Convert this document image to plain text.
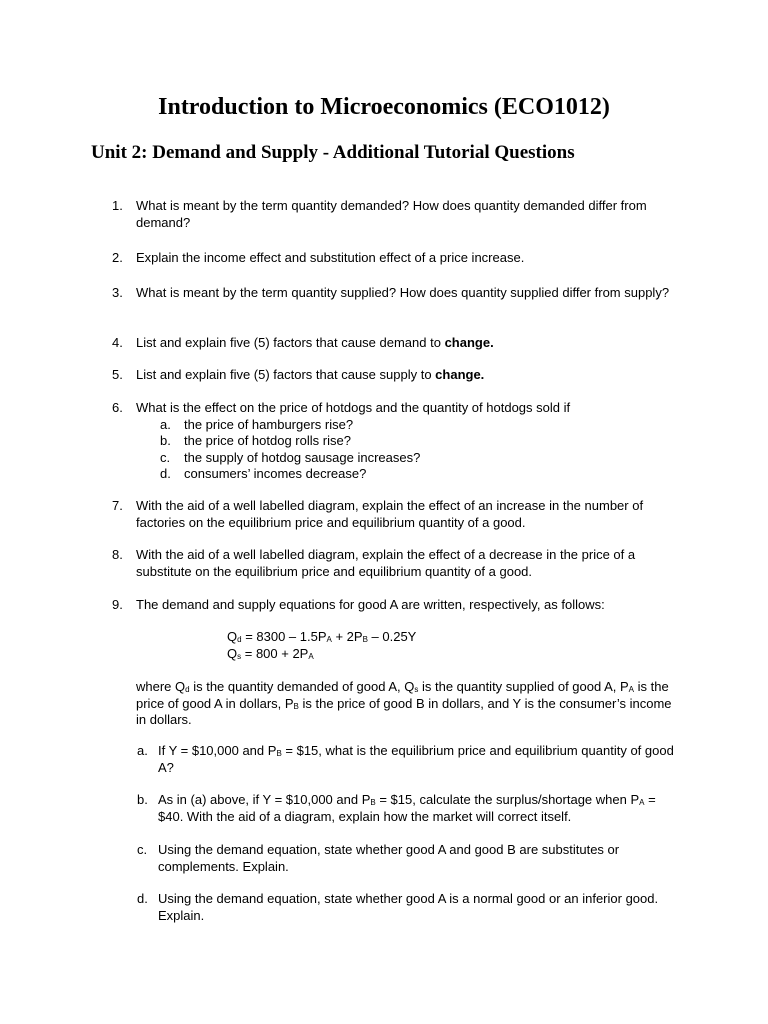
Introduction to Microeconomics (ECO1012)
Unit 2: Demand and Supply - Additional Tutorial Questions
1. What is meant by the term quantity demanded? How does quantity demanded differ from demand?
2. Explain the income effect and substitution effect of a price increase.
3. What is meant by the term quantity supplied? How does quantity supplied differ from supply?
4. List and explain five (5) factors that cause demand to change.
5. List and explain five (5) factors that cause supply to change.
6. What is the effect on the price of hotdogs and the quantity of hotdogs sold if
a. the price of hamburgers rise?
b. the price of hotdog rolls rise?
c. the supply of hotdog sausage increases?
d. consumers’ incomes decrease?
7. With the aid of a well labelled diagram, explain the effect of an increase in the number of factories on the equilibrium price and equilibrium quantity of a good.
8. With the aid of a well labelled diagram, explain the effect of a decrease in the price of a substitute on the equilibrium price and equilibrium quantity of a good.
9. The demand and supply equations for good A are written, respectively, as follows:
$Q_d = 8300 - 1.5P_A + 2P_B - 0.25Y$
$Q_s = 800 + 2P_A$
where $Q_d$ is the quantity demanded of good A, $Q_s$ is the quantity supplied of good A, $P_A$ is the price of good A in dollars, $P_B$ is the price of good B in dollars, and Y is the consumer’s income in dollars.
a. If Y = $10,000 and $P_B$ = $15, what is the equilibrium price and equilibrium quantity of good A?
b. As in (a) above, if Y = $10,000 and $P_B$ = $15, calculate the surplus/shortage when $P_A$ = $40. With the aid of a diagram, explain how the market will correct itself.
c. Using the demand equation, state whether good A and good B are substitutes or complements. Explain.
d. Using the demand equation, state whether good A is a normal good or an inferior good. Explain.
